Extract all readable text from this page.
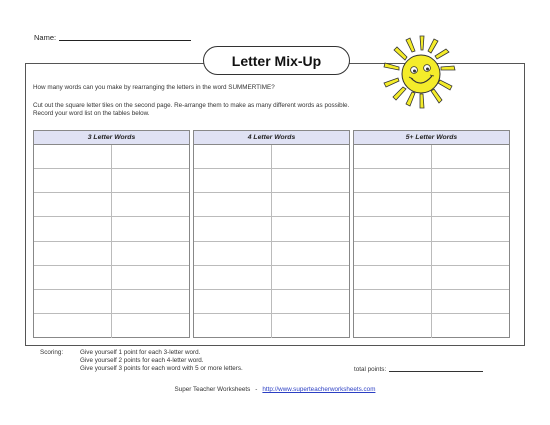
Name:
Letter Mix-Up
How many words can you make by rearranging the letters in the word SUMMERTIME?
Cut out the square letter tiles on the second page. Re-arrange them to make as many different words as possible. Record your word list on the tables below.
3 Letter Words	4 Letter Words	5+ Letter Words
Scoring:	Give yourself 1 point for each 3-letter word.
Give yourself 2 points for each 4-letter word.
Give yourself 3 points for each word with 5 or more letters.	total points:
Super Teacher Worksheets - http://www.superteacherworksheets.com
